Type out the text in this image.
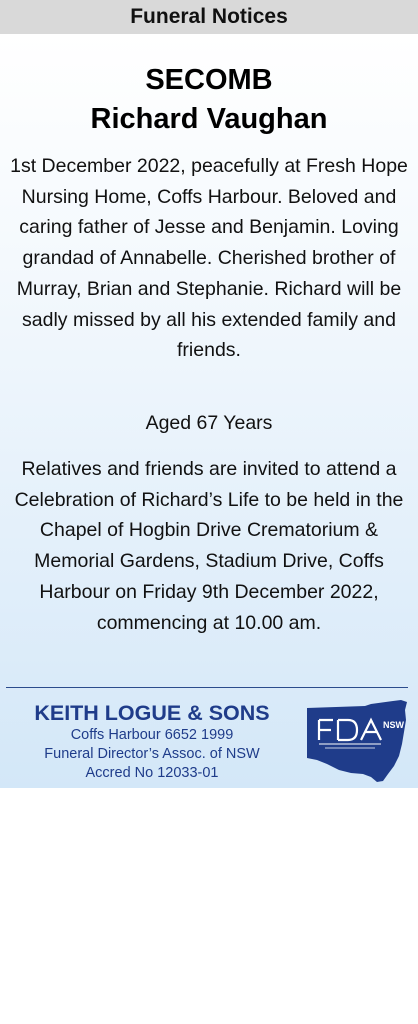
Funeral Notices
SECOMB
Richard Vaughan
1st December 2022, peacefully at Fresh Hope Nursing Home, Coffs Harbour. Beloved and caring father of Jesse and Benjamin. Loving grandad of Annabelle. Cherished brother of Murray, Brian and Stephanie. Richard will be sadly missed by all his extended family and friends.
Aged 67 Years
Relatives and friends are invited to attend a Celebration of Richard’s Life to be held in the Chapel of Hogbin Drive Crematorium & Memorial Gardens, Stadium Drive, Coffs Harbour on Friday 9th December 2022, commencing at 10.00 am.
KEITH LOGUE & SONS
Coffs Harbour 6652 1999
Funeral Director’s Assoc. of NSW
Accred No 12033-01
NSW
